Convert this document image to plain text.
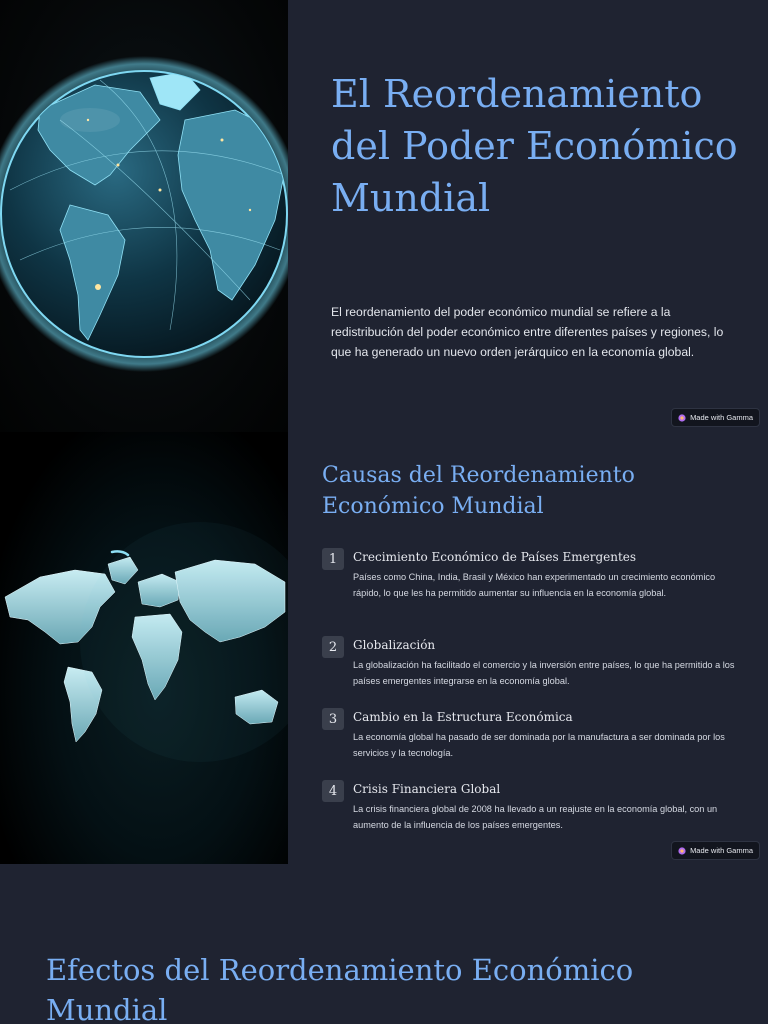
El Reordenamiento del Poder Económico Mundial

El reordenamiento del poder económico mundial se refiere a la redistribución del poder económico entre diferentes países y regiones, lo que ha generado un nuevo orden jerárquico en la economía global.

Made with Gamma
Causas del Reordenamiento Económico Mundial
1	Crecimiento Económico de Países Emergentes

Países como China, India, Brasil y México han experimentado un crecimiento económico rápido, lo que les ha permitido aumentar su influencia en la economía global.

2	Globalización

La globalización ha facilitado el comercio y la inversión entre países, lo que ha permitido a los países emergentes integrarse en la economía global.

3	Cambio en la Estructura Económica

La economía global ha pasado de ser dominada por la manufactura a ser dominada por los servicios y la tecnología.

4	Crisis Financiera Global

La crisis financiera global de 2008 ha llevado a un reajuste en la economía global, con un aumento de la influencia de los países emergentes.

Made with Gamma
Efectos del Reordenamiento Económico Mundial
